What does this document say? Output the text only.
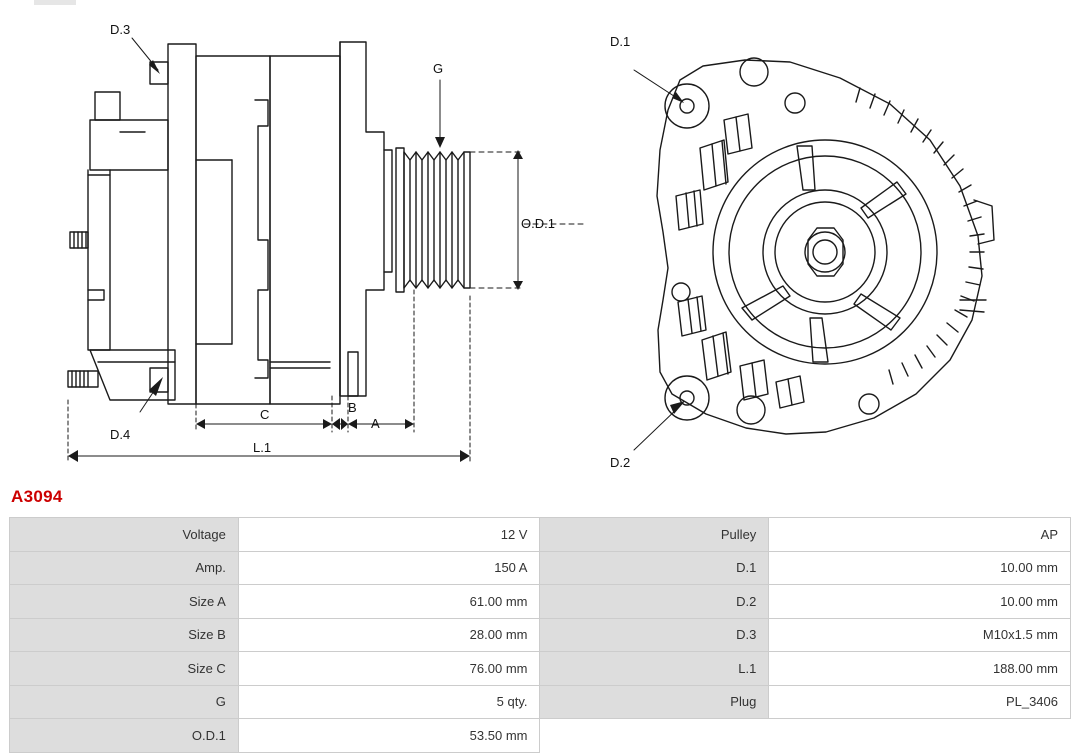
D.3
D.4
G
O.D.1
C	B
A
L.1
D.1
D.2
A3094
Voltage	12 V	Pulley	AP
Amp.	150 A	D.1	10.00 mm
Size A	61.00 mm	D.2	10.00 mm
Size B	28.00 mm	D.3	M10x1.5 mm
Size C	76.00 mm	L.1	188.00 mm
G	5 qty.	Plug	PL_3406
O.D.1	53.50 mm		
